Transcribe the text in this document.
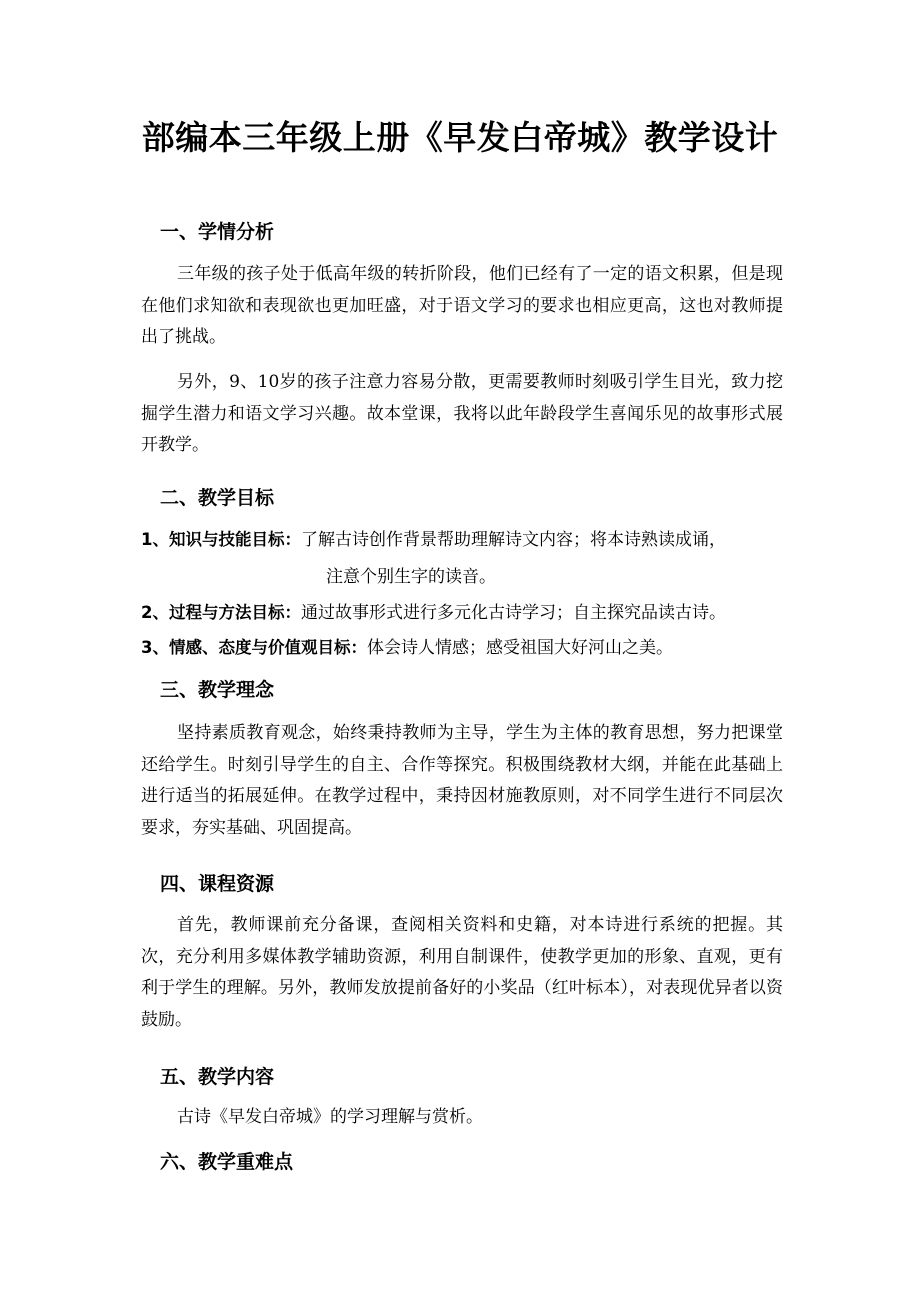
部编本三年级上册《早发白帝城》教学设计
一、学情分析

三年级的孩子处于低高年级的转折阶段，他们已经有了一定的语文积累，但是现在他们求知欲和表现欲也更加旺盛，对于语文学习的要求也相应更高，这也对教师提出了挑战。

另外，9、10岁的孩子注意力容易分散，更需要教师时刻吸引学生目光，致力挖掘学生潜力和语文学习兴趣。故本堂课，我将以此年龄段学生喜闻乐见的故事形式展开教学。

二、教学目标

1、知识与技能目标：了解古诗创作背景帮助理解诗文内容；将本诗熟读成诵，

注意个别生字的读音。

2、过程与方法目标：通过故事形式进行多元化古诗学习；自主探究品读古诗。

3、情感、态度与价值观目标：体会诗人情感；感受祖国大好河山之美。

三、教学理念

坚持素质教育观念，始终秉持教师为主导，学生为主体的教育思想，努力把课堂还给学生。时刻引导学生的自主、合作等探究。积极围绕教材大纲，并能在此基础上进行适当的拓展延伸。在教学过程中，秉持因材施教原则，对不同学生进行不同层次要求，夯实基础、巩固提高。

四、课程资源

首先，教师课前充分备课，查阅相关资料和史籍，对本诗进行系统的把握。其次，充分利用多媒体教学辅助资源，利用自制课件，使教学更加的形象、直观，更有利于学生的理解。另外，教师发放提前备好的小奖品（红叶标本），对表现优异者以资鼓励。

五、教学内容

古诗《早发白帝城》的学习理解与赏析。

六、教学重难点
